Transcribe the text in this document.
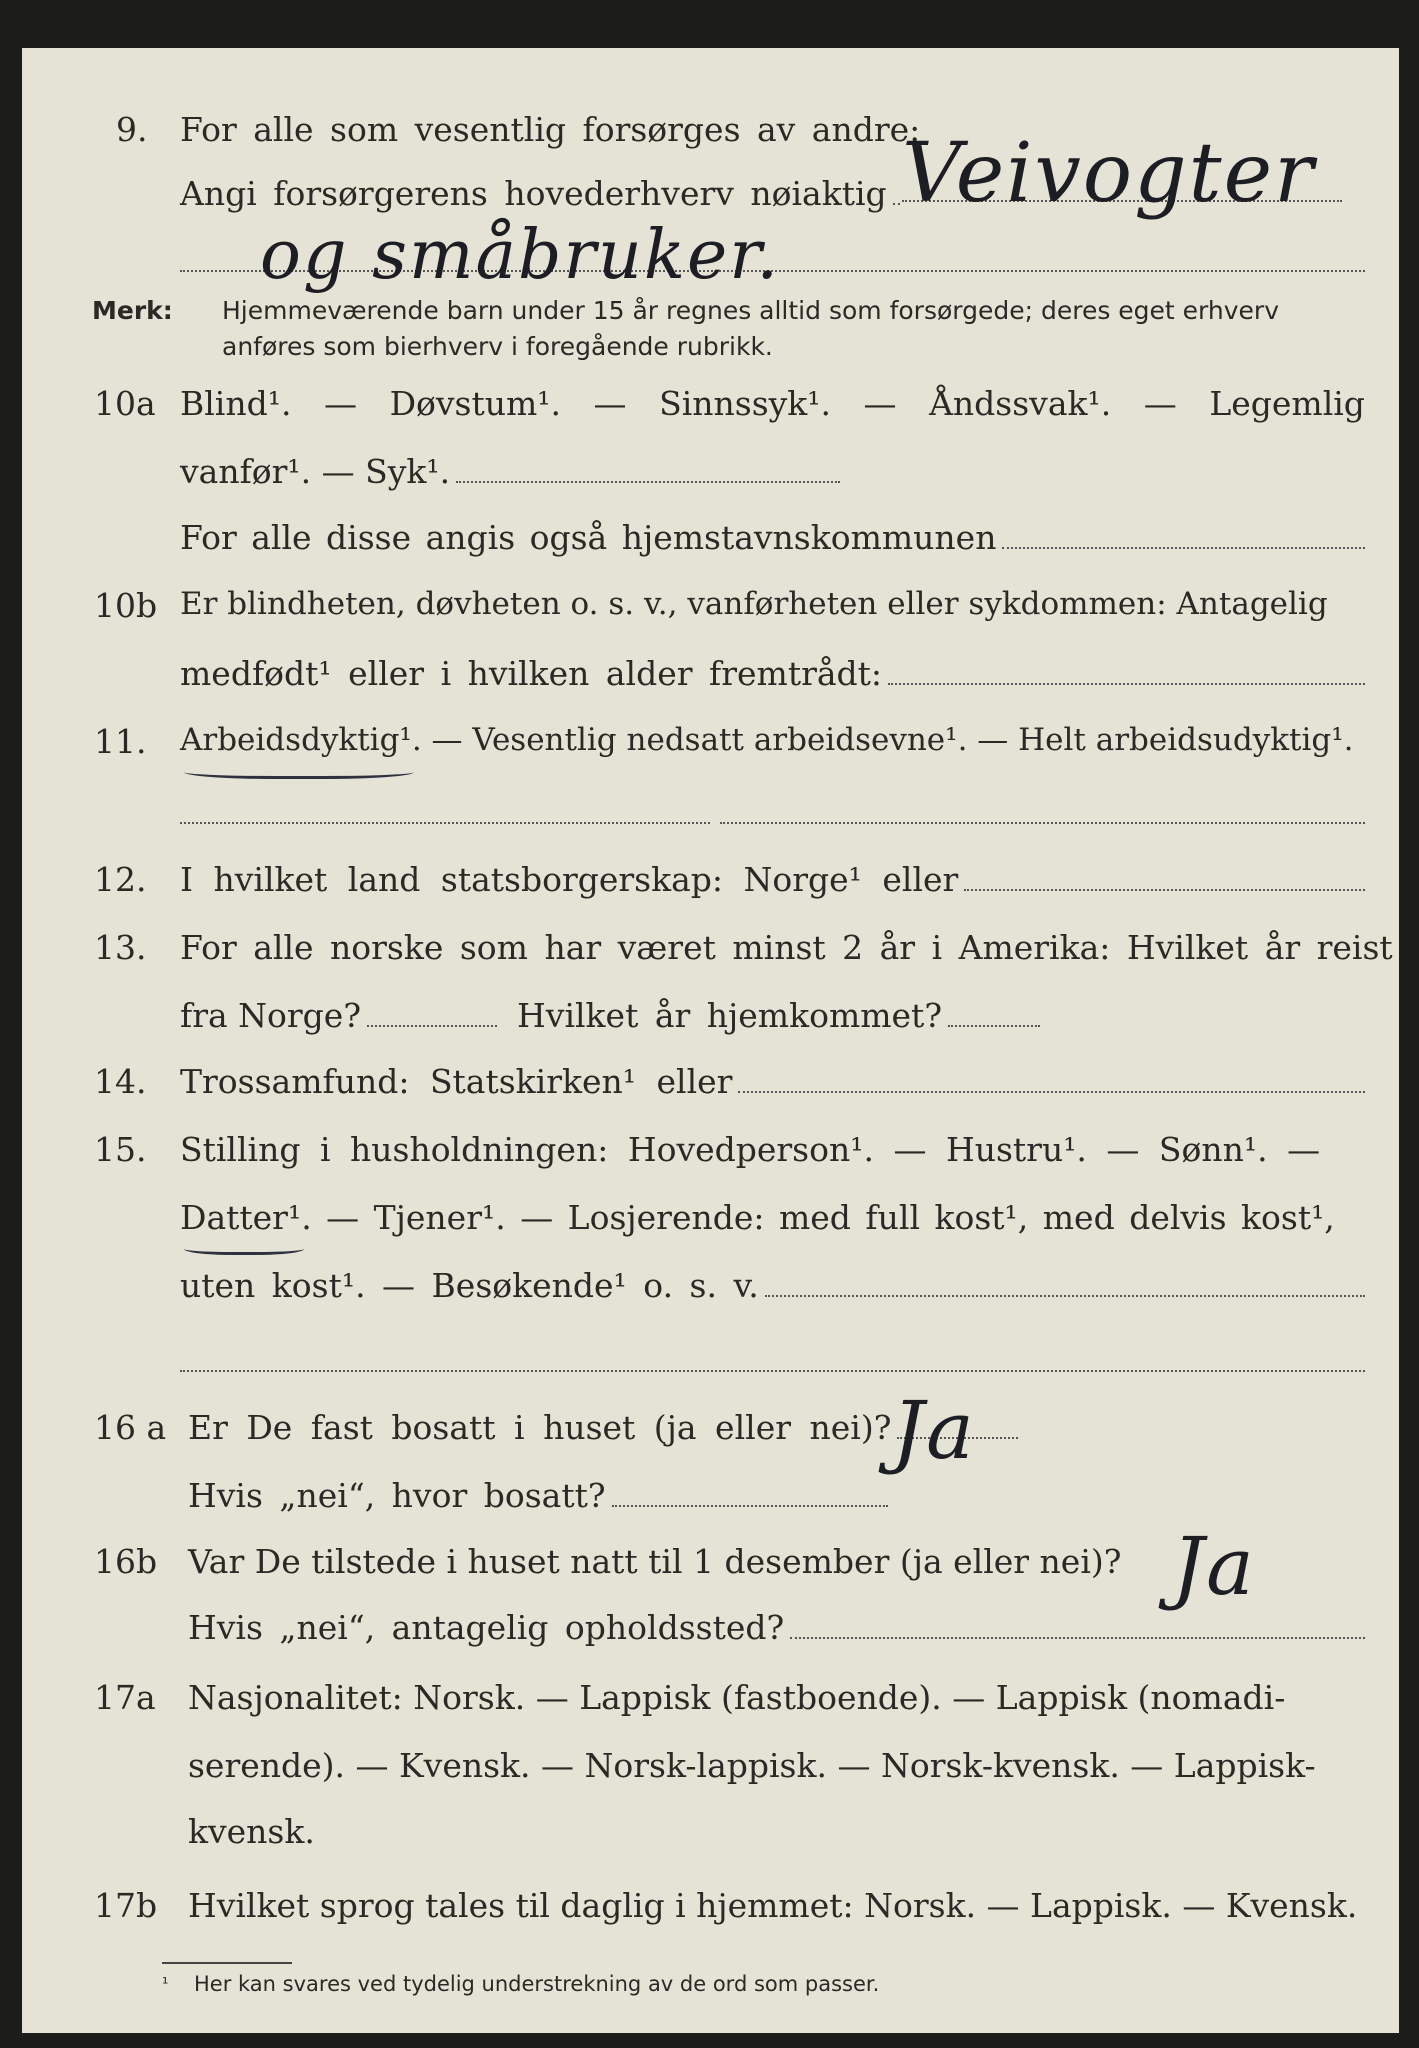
9. For alle som vesentlig forsørges av andre:
Angi forsørgerens hovederhverv nøiaktig Veivogter
og småbruker.
Merk: Hjemmeværende barn under 15 år regnes alltid som forsørgede; deres eget erhverv
anføres som bierhverv i foregående rubrikk.
10a Blind¹. — Døvstum¹. — Sinnssyk¹. — Åndssvak¹. — Legemlig
vanfør¹. — Syk¹.
For alle disse angis også hjemstavnskommunen
10b Er blindheten, døvheten o. s. v., vanførheten eller sykdommen: Antagelig
medfødt¹ eller i hvilken alder fremtrådt:
11. Arbeidsdyktig¹. — Vesentlig nedsatt arbeidsevne¹. — Helt arbeidsudyktig¹.
12. I hvilket land statsborgerskap: Norge¹ eller
13. For alle norske som har været minst 2 år i Amerika: Hvilket år reist
fra Norge?	Hvilket år hjemkommet?
14. Trossamfund: Statskirken¹ eller
15. Stilling i husholdningen: Hovedperson¹. — Hustru¹. — Sønn¹. —
Datter¹. — Tjener¹. — Losjerende: med full kost¹, med delvis kost¹,
uten kost¹. — Besøkende¹ o. s. v.
16 a Er De fast bosatt i huset (ja eller nei)? Ja
Hvis „nei“, hvor bosatt?
16b Var De tilstede i huset natt til 1 desember (ja eller nei)? Ja
Hvis „nei“, antagelig opholdssted?
17a Nasjonalitet: Norsk. — Lappisk (fastboende). — Lappisk (nomadi-
serende). — Kvensk. — Norsk-lappisk. — Norsk-kvensk. — Lappisk-
kvensk.
17b Hvilket sprog tales til daglig i hjemmet: Norsk. — Lappisk. — Kvensk.
¹ Her kan svares ved tydelig understrekning av de ord som passer.
